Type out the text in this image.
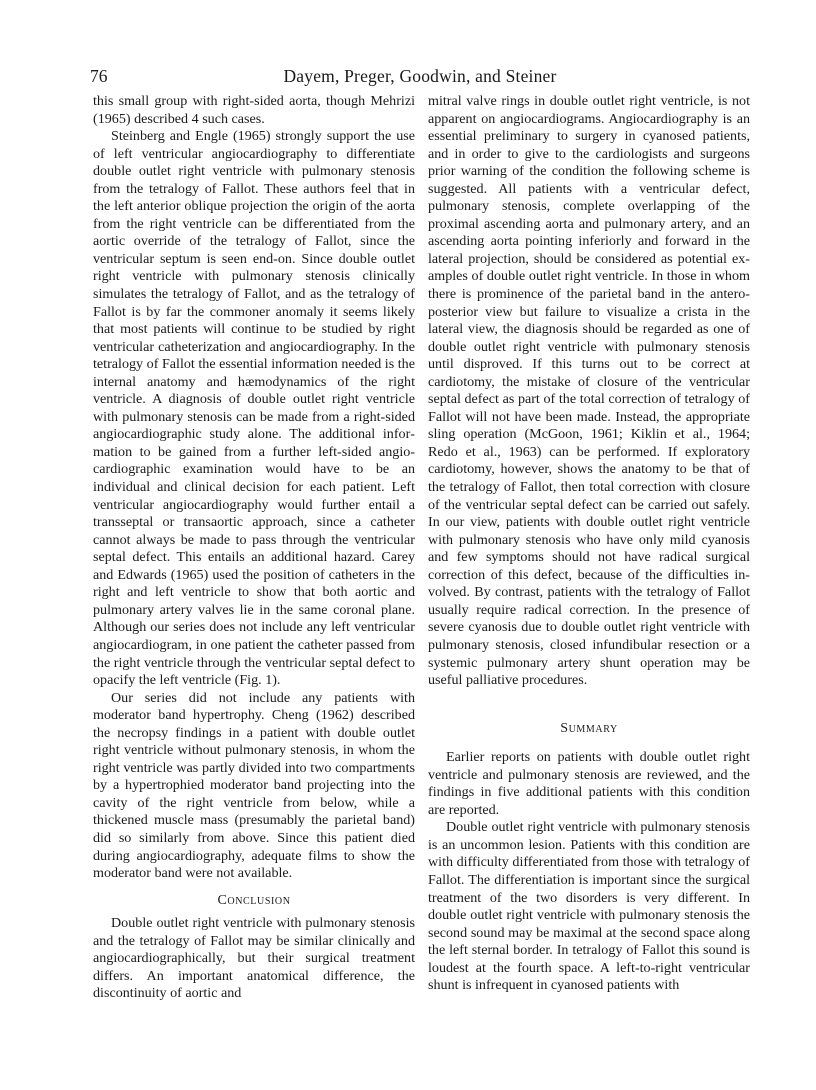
76	Dayem, Preger, Goodwin, and Steiner

this small group with right-sided aorta, though Mehrizi (1965) described 4 such cases.

Steinberg and Engle (1965) strongly support the use of left ventricular angiocardiography to differentiate double outlet right ventricle with pulmonary stenosis from the tetralogy of Fallot. These authors feel that in the left anterior oblique projection the origin of the aorta from the right ventricle can be differentiated from the aortic override of the tetralogy of Fallot, since the ventricular septum is seen end-on. Since double outlet right ventricle with pulmonary stenosis clinically simulates the tetralogy of Fallot, and as the tetralogy of Fallot is by far the commoner anomaly it seems likely that most patients will continue to be studied by right ventricular catheterization and angiocardiography. In the tetralogy of Fallot the essential information needed is the internal anatomy and hæmodynamics of the right ventricle. A diagnosis of double outlet right ventricle with pulmonary stenosis can be made from a right-sided angiocardiographic study alone. The additional information to be gained from a further left-sided angiocardiographic examination would have to be an individual and clinical decision for each patient. Left ventricular angiocardiography would further entail a transseptal or transaortic approach, since a catheter cannot always be made to pass through the ventricular septal defect. This entails an additional hazard. Carey and Edwards (1965) used the position of catheters in the right and left ventricle to show that both aortic and pulmonary artery valves lie in the same coronal plane. Although our series does not include any left ventricular angiocardiogram, in one patient the catheter passed from the right ventricle through the ventricular septal defect to opacify the left ventricle (Fig. 1).

Our series did not include any patients with moderator band hypertrophy. Cheng (1962) described the necropsy findings in a patient with double outlet right ventricle without pulmonary stenosis, in whom the right ventricle was partly divided into two compartments by a hypertrophied moderator band projecting into the cavity of the right ventricle from below, while a thickened muscle mass (presumably the parietal band) did so similarly from above. Since this patient died during angiocardiography, adequate films to show the moderator band were not available.

Conclusion

Double outlet right ventricle with pulmonary stenosis and the tetralogy of Fallot may be similar clinically and angiocardiographically, but their surgical treatment differs. An important anatomical difference, the discontinuity of aortic and

mitral valve rings in double outlet right ventricle, is not apparent on angiocardiograms. Angiocardiography is an essential preliminary to surgery in cyanosed patients, and in order to give to the cardiologists and surgeons prior warning of the condition the following scheme is suggested. All patients with a ventricular defect, pulmonary stenosis, complete overlapping of the proximal ascending aorta and pulmonary artery, and an ascending aorta pointing inferiorly and forward in the lateral projection, should be considered as potential examples of double outlet right ventricle. In those in whom there is prominence of the parietal band in the antero-posterior view but failure to visualize a crista in the lateral view, the diagnosis should be regarded as one of double outlet right ventricle with pulmonary stenosis until disproved. If this turns out to be correct at cardiotomy, the mistake of closure of the ventricular septal defect as part of the total correction of tetralogy of Fallot will not have been made. Instead, the appropriate sling operation (McGoon, 1961; Kiklin et al., 1964; Redo et al., 1963) can be performed. If exploratory cardiotomy, however, shows the anatomy to be that of the tetralogy of Fallot, then total correction with closure of the ventricular septal defect can be carried out safely. In our view, patients with double outlet right ventricle with pulmonary stenosis who have only mild cyanosis and few symptoms should not have radical surgical correction of this defect, because of the difficulties involved. By contrast, patients with the tetralogy of Fallot usually require radical correction. In the presence of severe cyanosis due to double outlet right ventricle with pulmonary stenosis, closed infundibular resection or a systemic pulmonary artery shunt operation may be useful palliative procedures.

Summary

Earlier reports on patients with double outlet right ventricle and pulmonary stenosis are reviewed, and the findings in five additional patients with this condition are reported.

Double outlet right ventricle with pulmonary stenosis is an uncommon lesion. Patients with this condition are with difficulty differentiated from those with tetralogy of Fallot. The differentiation is important since the surgical treatment of the two disorders is very different. In double outlet right ventricle with pulmonary stenosis the second sound may be maximal at the second space along the left sternal border. In tetralogy of Fallot this sound is loudest at the fourth space. A left-to-right ventricular shunt is infrequent in cyanosed patients with
